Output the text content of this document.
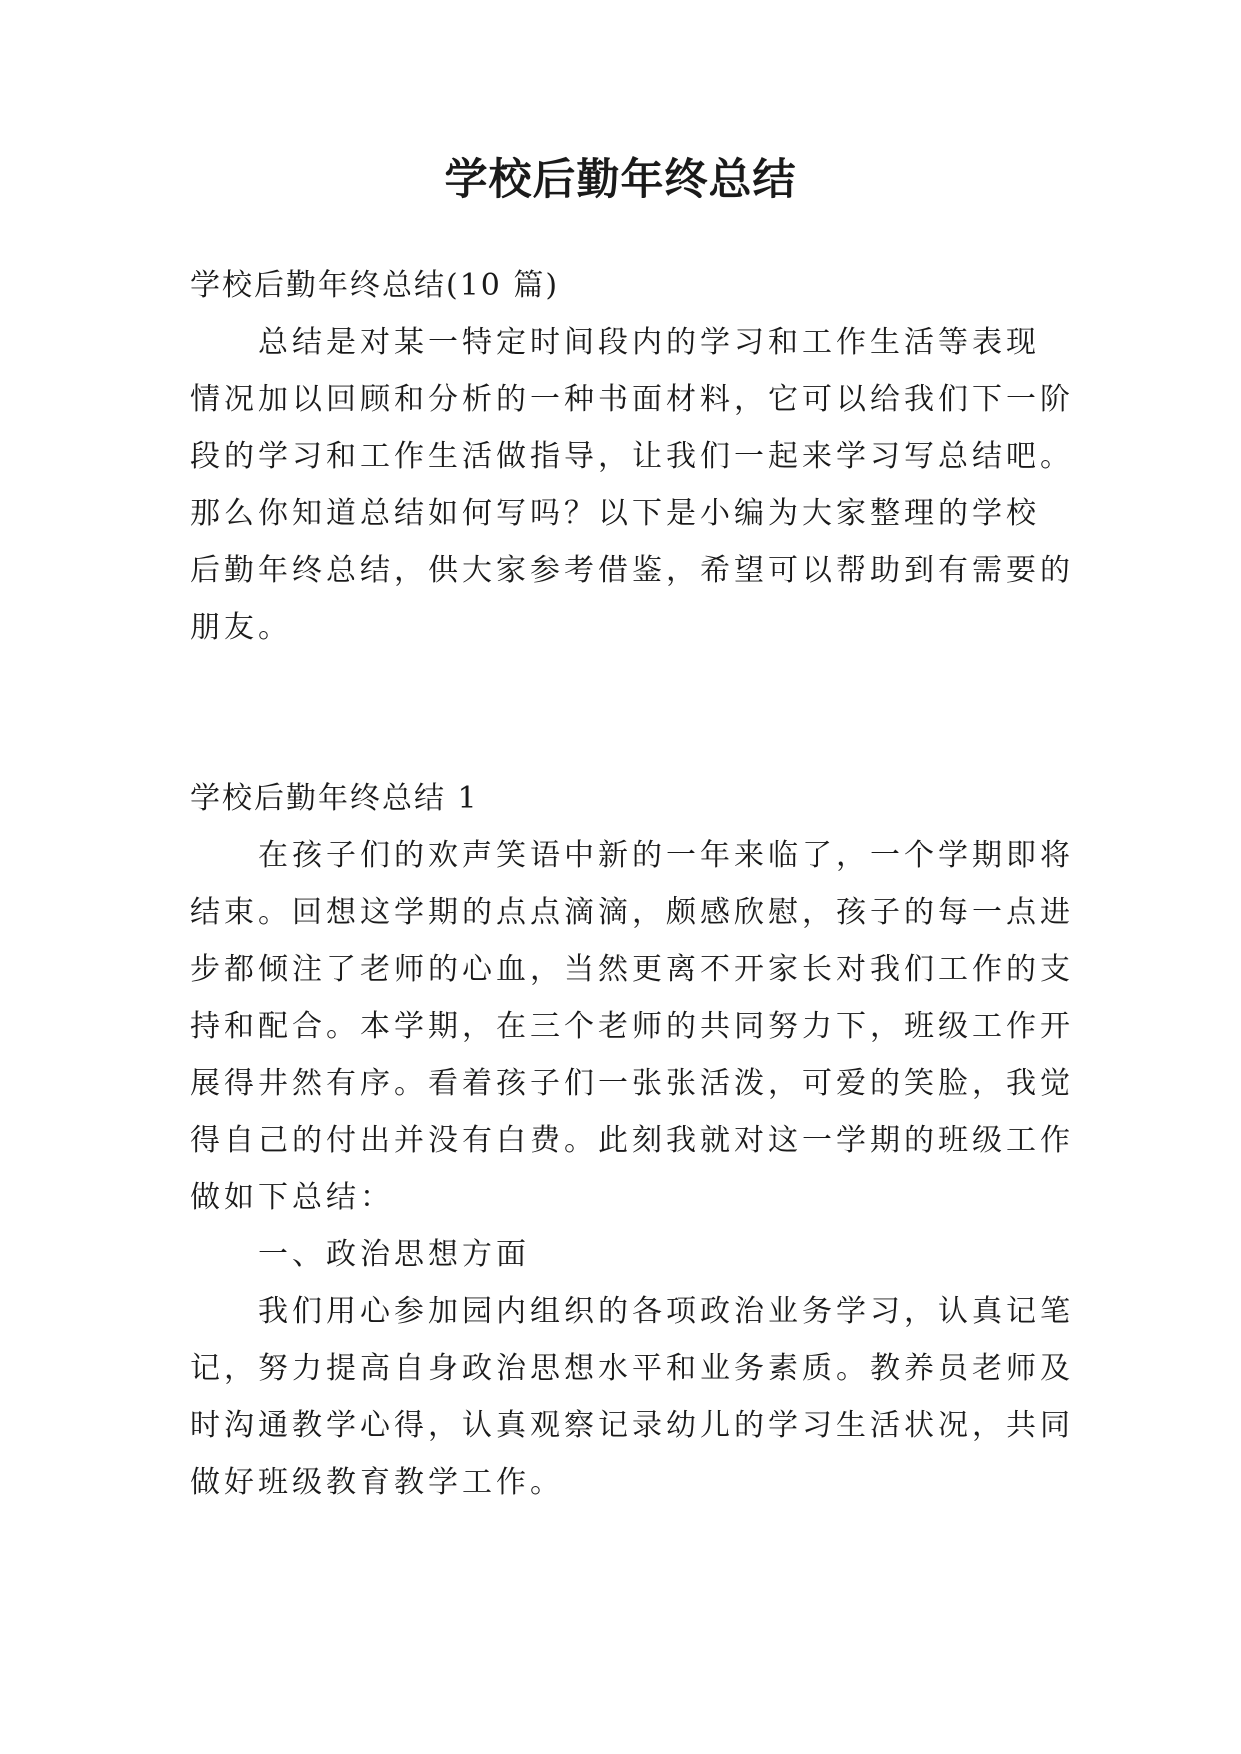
学校后勤年终总结

学校后勤年终总结(10 篇)

总结是对某一特定时间段内的学习和工作生活等表现

情况加以回顾和分析的一种书面材料，它可以给我们下一阶

段的学习和工作生活做指导，让我们一起来学习写总结吧。

那么你知道总结如何写吗？以下是小编为大家整理的学校

后勤年终总结，供大家参考借鉴，希望可以帮助到有需要的

朋友。

学校后勤年终总结 1

在孩子们的欢声笑语中新的一年来临了，一个学期即将

结束。回想这学期的点点滴滴，颇感欣慰，孩子的每一点进

步都倾注了老师的心血，当然更离不开家长对我们工作的支

持和配合。本学期，在三个老师的共同努力下，班级工作开

展得井然有序。看着孩子们一张张活泼，可爱的笑脸，我觉

得自己的付出并没有白费。此刻我就对这一学期的班级工作

做如下总结：

一、政治思想方面

我们用心参加园内组织的各项政治业务学习，认真记笔

记，努力提高自身政治思想水平和业务素质。教养员老师及

时沟通教学心得，认真观察记录幼儿的学习生活状况，共同

做好班级教育教学工作。
